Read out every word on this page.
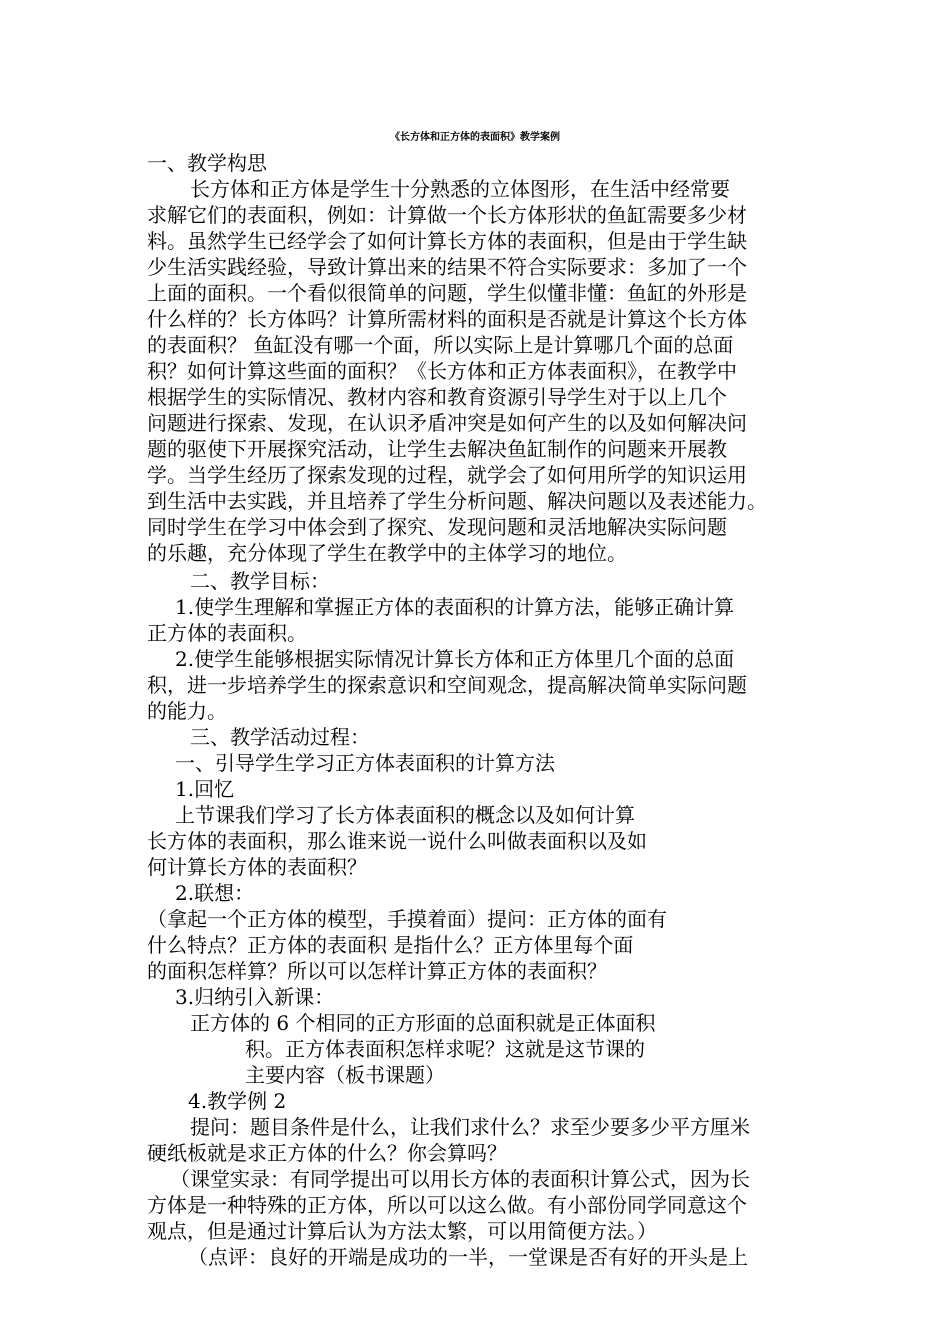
《长方体和正方体的表面积》教学案例
一、教学构思
长方体和正方体是学生十分熟悉的立体图形，在生活中经常要
求解它们的表面积，例如：计算做一个长方体形状的鱼缸需要多少材
料。虽然学生已经学会了如何计算长方体的表面积，但是由于学生缺
少生活实践经验，导致计算出来的结果不符合实际要求：多加了一个
上面的面积。一个看似很简单的问题，学生似懂非懂：鱼缸的外形是
什么样的？长方体吗？计算所需材料的面积是否就是计算这个长方体
的表面积？ 鱼缸没有哪一个面，所以实际上是计算哪几个面的总面
积？如何计算这些面的面积？《长方体和正方体表面积》，在教学中
根据学生的实际情况、教材内容和教育资源引导学生对于以上几个
问题进行探索、发现，在认识矛盾冲突是如何产生的以及如何解决问
题的驱使下开展探究活动，让学生去解决鱼缸制作的问题来开展教
学。当学生经历了探索发现的过程，就学会了如何用所学的知识运用
到生活中去实践，并且培养了学生分析问题、解决问题以及表述能力。
同时学生在学习中体会到了探究、发现问题和灵活地解决实际问题
的乐趣，充分体现了学生在教学中的主体学习的地位。
二、教学目标：
1.使学生理解和掌握正方体的表面积的计算方法，能够正确计算
正方体的表面积。
2.使学生能够根据实际情况计算长方体和正方体里几个面的总面
积，进一步培养学生的探索意识和空间观念，提高解决简单实际问题
的能力。
三、教学活动过程：
一、引导学生学习正方体表面积的计算方法
1.回忆
上节课我们学习了长方体表面积的概念以及如何计算
长方体的表面积，那么谁来说一说什么叫做表面积以及如
何计算长方体的表面积？
2.联想：
（拿起一个正方体的模型，手摸着面）提问：正方体的面有
什么特点？正方体的表面积 是指什么？正方体里每个面
的面积怎样算？所以可以怎样计算正方体的表面积？
3.归纳引入新课：
正方体的 6 个相同的正方形面的总面积就是正体面积
积。正方体表面积怎样求呢？这就是这节课的
主要内容（板书课题）
4.教学例 2
提问：题目条件是什么，让我们求什么？求至少要多少平方厘米
硬纸板就是求正方体的什么？你会算吗？
（课堂实录：有同学提出可以用长方体的表面积计算公式，因为长
方体是一种特殊的正方体，所以可以这么做。有小部份同学同意这个
观点，但是通过计算后认为方法太繁，可以用简便方法。）
（点评：良好的开端是成功的一半，一堂课是否有好的开头是上
